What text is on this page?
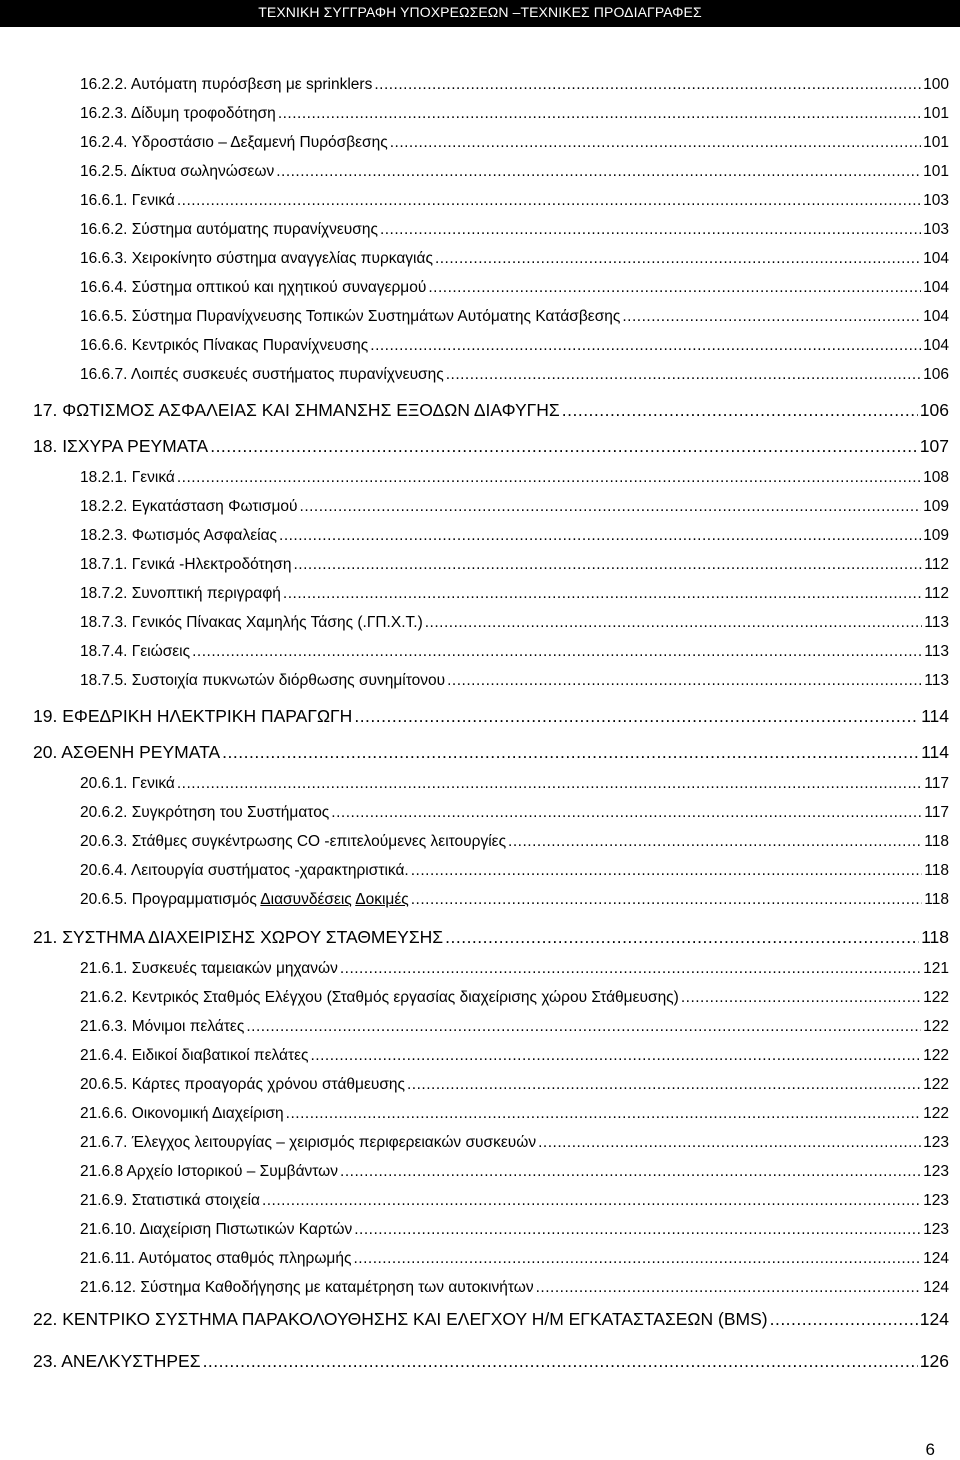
ΤΕΧΝΙΚΗ ΣΥΓΓΡΑΦΗ ΥΠΟΧΡΕΩΣΕΩΝ –ΤΕΧΝΙΚΕΣ ΠΡΟΔΙΑΓΡΑΦΕΣ
16.2.2. Αυτόματη πυρόσβεση με sprinklers .....	100
16.2.3. Δίδυμη τροφοδότηση .....	101
16.2.4. Υδροστάσιο – Δεξαμενή Πυρόσβεσης .....	101
16.2.5. Δίκτυα σωληνώσεων .....	101
16.6.1. Γενικά .....	103
16.6.2. Σύστημα αυτόματης πυρανίχνευσης .....	103
16.6.3. Χειροκίνητο σύστημα αναγγελίας πυρκαγιάς .....	104
16.6.4. Σύστημα οπτικού και ηχητικού συναγερμού .....	104
16.6.5. Σύστημα Πυρανίχνευσης Τοπικών Συστημάτων Αυτόματης Κατάσβεσης .....	104
16.6.6. Κεντρικός Πίνακας Πυρανίχνευσης .....	104
16.6.7. Λοιπές συσκευές συστήματος πυρανίχνευσης .....	106
17. ΦΩΤΙΣΜΟΣ ΑΣΦΑΛΕΙΑΣ ΚΑΙ ΣΗΜΑΝΣΗΣ ΕΞΟΔΩΝ ΔΙΑΦΥΓΗΣ .....	106
18. ΙΣΧΥΡΑ ΡΕΥΜΑΤΑ .....	107
18.2.1. Γενικά .....	108
18.2.2. Εγκατάσταση Φωτισμού .....	109
18.2.3. Φωτισμός Ασφαλείας .....	109
18.7.1. Γενικά -Ηλεκτροδότηση .....	112
18.7.2. Συνοπτική περιγραφή .....	112
18.7.3. Γενικός Πίνακας Χαμηλής Τάσης (.ΓΠ.Χ.Τ.) .....	113
18.7.4. Γειώσεις .....	113
18.7.5. Συστοιχία πυκνωτών διόρθωσης συνημίτονου .....	113
19. ΕΦΕΔΡΙΚΗ ΗΛΕΚΤΡΙΚΗ ΠΑΡΑΓΩΓΗ .....	114
20. ΑΣΘΕΝΗ ΡΕΥΜΑΤΑ .....	114
20.6.1. Γενικά .....	117
20.6.2. Συγκρότηση του Συστήματος .....	117
20.6.3. Στάθμες συγκέντρωσης CO -επιτελούμενες λειτουργίες .....	118
20.6.4. Λειτουργία συστήματος -χαρακτηριστικά. .....	118
20.6.5. Προγραμματισμός Διασυνδέσεις Δοκιμές .....	118
21. ΣΥΣΤΗΜΑ ΔΙΑΧΕΙΡΙΣΗΣ ΧΩΡΟΥ ΣΤΑΘΜΕΥΣΗΣ .....	118
21.6.1. Συσκευές ταμειακών μηχανών .....	121
21.6.2. Κεντρικός Σταθμός Ελέγχου (Σταθμός εργασίας διαχείρισης χώρου Στάθμευσης) .....	122
21.6.3. Μόνιμοι πελάτες .....	122
21.6.4. Ειδικοί διαβατικοί πελάτες .....	122
20.6.5. Κάρτες προαγοράς χρόνου στάθμευσης .....	122
21.6.6. Οικονομική Διαχείριση .....	122
21.6.7. Έλεγχος λειτουργίας – χειρισμός περιφερειακών συσκευών .....	123
21.6.8 Αρχείο Ιστορικού – Συμβάντων .....	123
21.6.9. Στατιστικά στοιχεία .....	123
21.6.10. Διαχείριση Πιστωτικών Καρτών .....	123
21.6.11. Αυτόματος σταθμός πληρωμής .....	124
21.6.12. Σύστημα Καθοδήγησης με καταμέτρηση των αυτοκινήτων .....	124
22. ΚΕΝΤΡΙΚΟ ΣΥΣΤΗΜΑ ΠΑΡΑΚΟΛΟΥΘΗΣΗΣ ΚΑΙ ΕΛΕΓΧΟΥ Η/Μ ΕΓΚΑΤΑΣΤΑΣΕΩΝ (BMS) .....	124
23. ΑΝΕΛΚΥΣΤΗΡΕΣ .....	126
6
